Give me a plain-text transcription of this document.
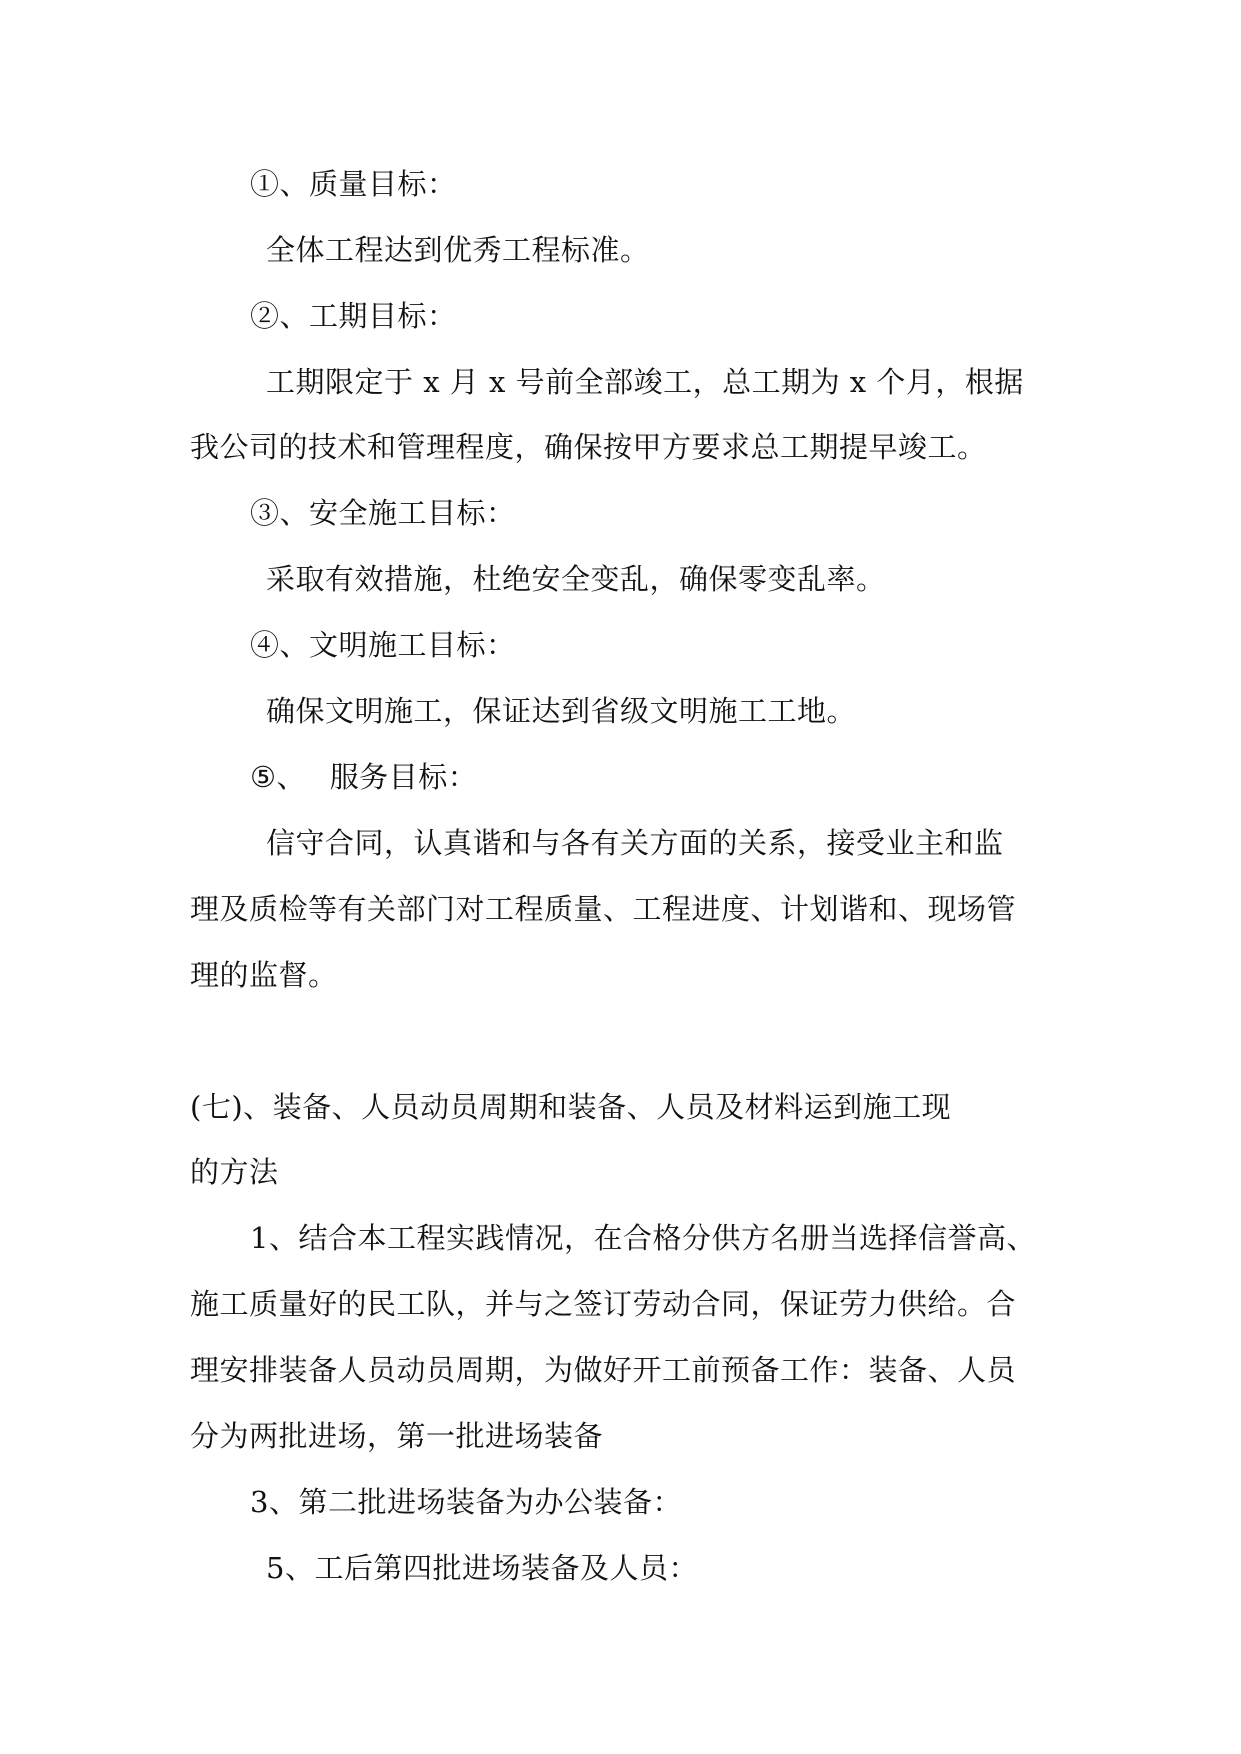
①、质量目标：
全体工程达到优秀工程标准。
②、工期目标：
工期限定于 x 月 x 号前全部竣工，总工期为 x 个月，根据
我公司的技术和管理程度，确保按甲方要求总工期提早竣工。
③、安全施工目标：
采取有效措施，杜绝安全变乱，确保零变乱率。
④、文明施工目标：
确保文明施工，保证达到省级文明施工工地。
⑤、 服务目标：
信守合同，认真谐和与各有关方面的关系，接受业主和监
理及质检等有关部门对工程质量、工程进度、计划谐和、现场管
理的监督。
(七)、装备、人员动员周期和装备、人员及材料运到施工现
的方法
1、结合本工程实践情况，在合格分供方名册当选择信誉高、
施工质量好的民工队，并与之签订劳动合同，保证劳力供给。合
理安排装备人员动员周期，为做好开工前预备工作：装备、人员
分为两批进场，第一批进场装备
3、第二批进场装备为办公装备：
5、工后第四批进场装备及人员：
